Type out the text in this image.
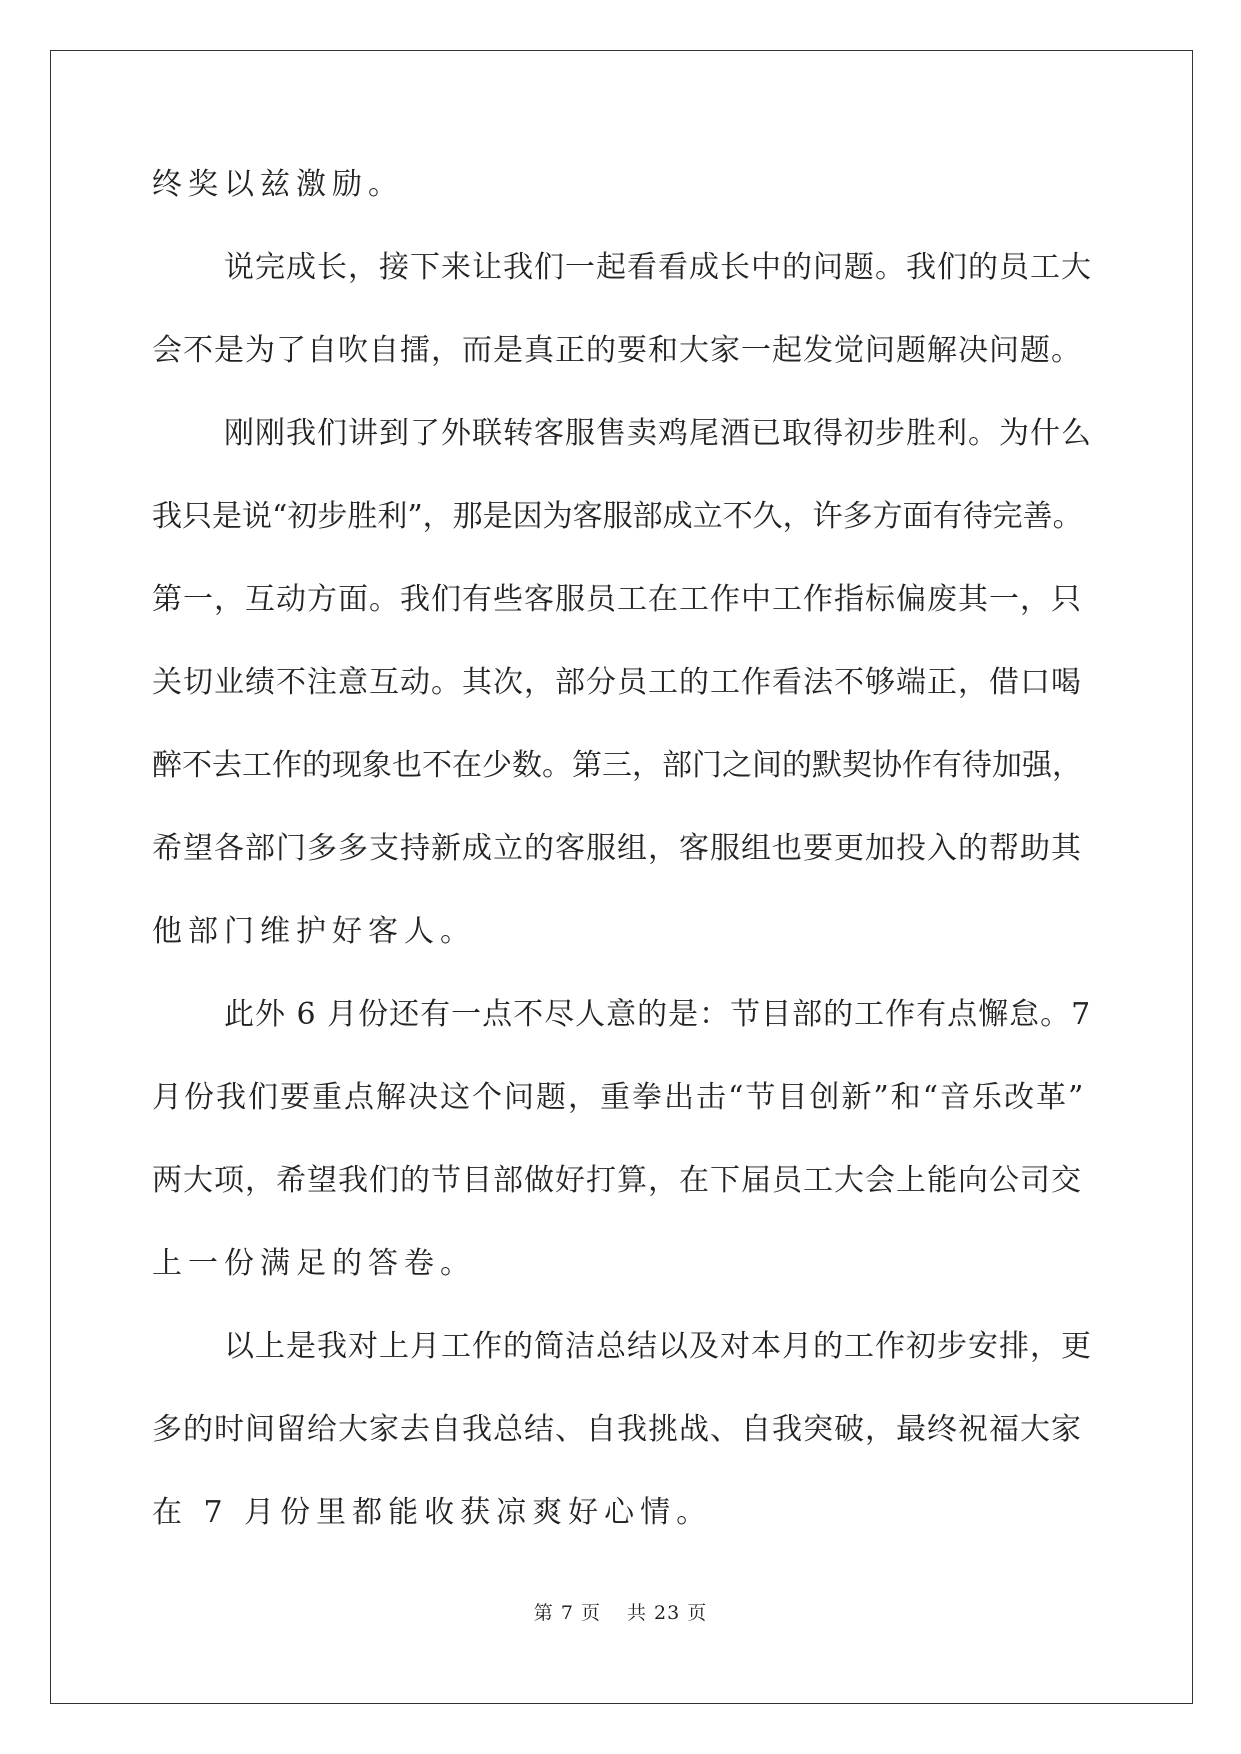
终奖以兹激励。
说完成长，接下来让我们一起看看成长中的问题。我们的员工大
会不是为了自吹自擂，而是真正的要和大家一起发觉问题解决问题。
刚刚我们讲到了外联转客服售卖鸡尾酒已取得初步胜利。为什么
我只是说“初步胜利”，那是因为客服部成立不久，许多方面有待完善。
第一，互动方面。我们有些客服员工在工作中工作指标偏废其一，只
关切业绩不注意互动。其次，部分员工的工作看法不够端正，借口喝
醉不去工作的现象也不在少数。第三，部门之间的默契协作有待加强，
希望各部门多多支持新成立的客服组，客服组也要更加投入的帮助其
他部门维护好客人。
此外 6 月份还有一点不尽人意的是：节目部的工作有点懈怠。7
月份我们要重点解决这个问题，重拳出击“节目创新”和“音乐改革”
两大项，希望我们的节目部做好打算，在下届员工大会上能向公司交
上一份满足的答卷。
以上是我对上月工作的简洁总结以及对本月的工作初步安排，更
多的时间留给大家去自我总结、自我挑战、自我突破，最终祝福大家
在 7 月份里都能收获凉爽好心情。
第 7 页 共 23 页
